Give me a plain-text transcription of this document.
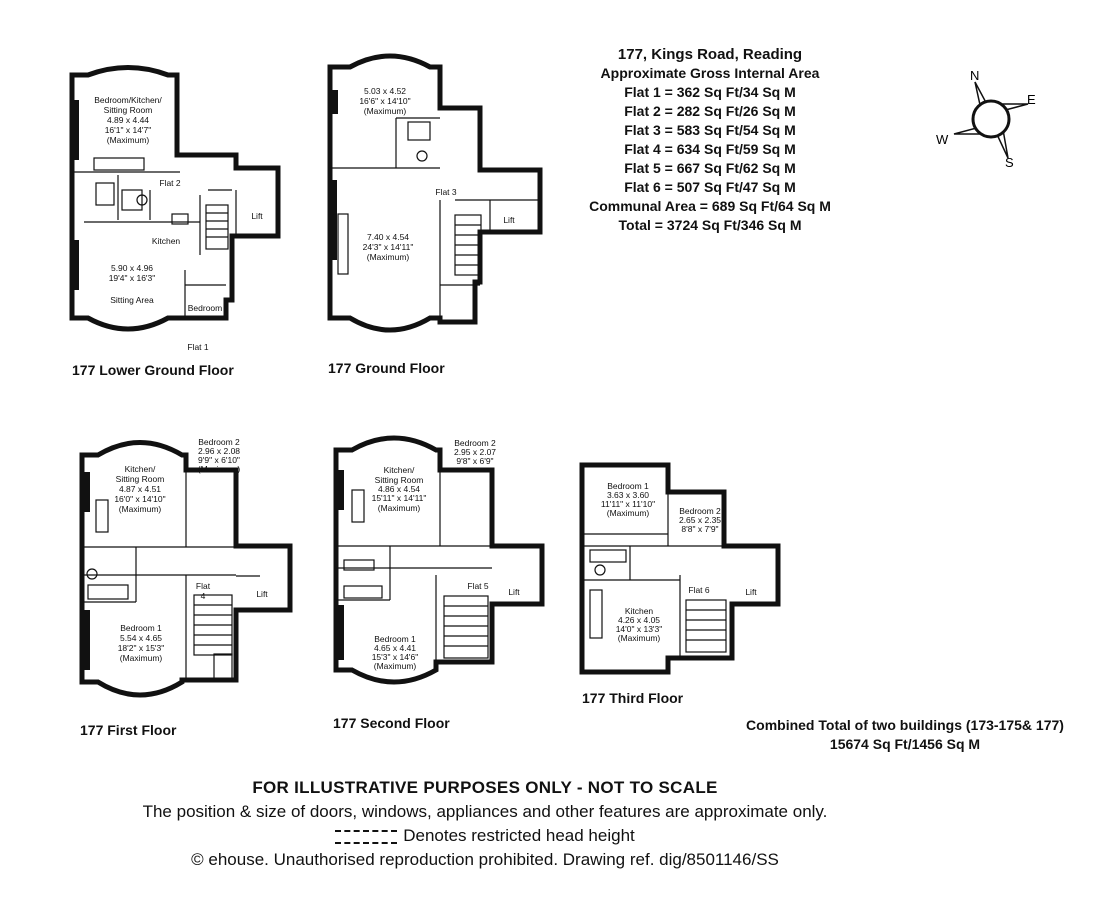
Bedroom/Kitchen/
Sitting Room
4.89 x 4.44
16'1" x 14'7"
(Maximum)
Flat 2
Lift
Kitchen
5.90 x 4.96
19'4" x 16'3"
Sitting Area
Bedroom
Flat 1
5.03 x 4.52
16'6" x 14'10"
(Maximum)
Flat 3
Lift
7.40 x 4.54
24'3" x 14'11"
(Maximum)
Bedroom 2
2.96 x 2.08
9'9" x 6'10"
(Maximum)
Kitchen/
Sitting Room
4.87 x 4.51
16'0" x 14'10"
(Maximum)
Flat
4	Lift
Bedroom 1
5.54 x 4.65
18'2" x 15'3"
(Maximum)
Bedroom 2
2.95 x 2.07
9'8" x 6'9"
Kitchen/
Sitting Room
4.86 x 4.54
15'11" x 14'11"
(Maximum)
Flat 5
Lift
Bedroom 1
4.65 x 4.41
15'3" x 14'6"
(Maximum)
Bedroom 1
3.63 x 3.60
11'11" x 11'10"
(Maximum)	Bedroom 2
2.65 x 2.35
8'8" x 7'9"
Flat 6	Lift
Kitchen
4.26 x 4.05
14'0" x 13'3"
(Maximum)
177 Lower Ground Floor	177 Ground Floor
177 First Floor	177 Second Floor
177 Third Floor
177, Kings Road, Reading
Approximate Gross Internal Area
Flat 1 = 362 Sq Ft/34 Sq M
Flat 2 = 282 Sq Ft/26 Sq M
Flat 3 = 583 Sq Ft/54 Sq M
Flat 4 = 634 Sq Ft/59 Sq M
Flat 5 = 667 Sq Ft/62 Sq M
Flat 6 = 507 Sq Ft/47 Sq M
Communal Area = 689 Sq Ft/64 Sq M
Total = 3724 Sq Ft/346 Sq M
N
E
S
W
Combined Total of two buildings (173-175& 177)
15674 Sq Ft/1456 Sq M
FOR ILLUSTRATIVE PURPOSES ONLY - NOT TO SCALE
The position & size of doors, windows, appliances and other features are approximate only.
Denotes restricted head height
© ehouse. Unauthorised reproduction prohibited. Drawing ref. dig/8501146/SS
